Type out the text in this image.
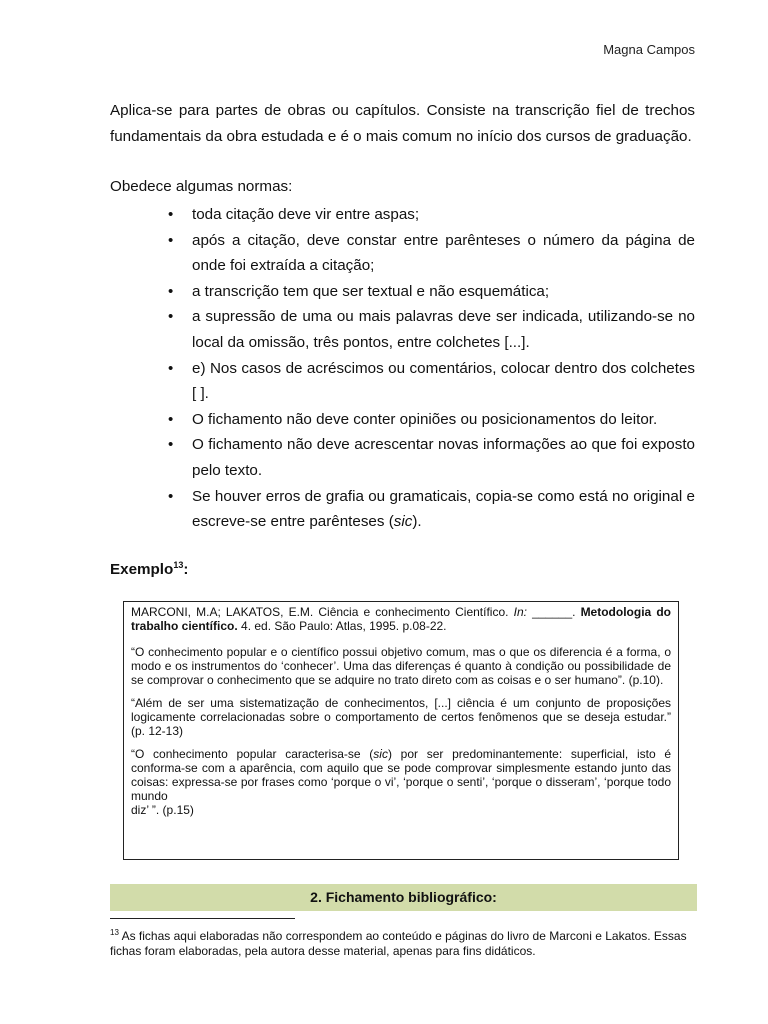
Magna Campos
Aplica-se para partes de obras ou capítulos. Consiste na transcrição fiel de trechos fundamentais da obra estudada e é o mais comum no início dos cursos de graduação.
Obedece algumas normas:
• toda citação deve vir entre aspas;
• após a citação, deve constar entre parênteses o número da página de onde foi extraída a citação;
• a transcrição tem que ser textual e não esquemática;
• a supressão de uma ou mais palavras deve ser indicada, utilizando-se no local da omissão, três pontos, entre colchetes [...].
• e) Nos casos de acréscimos ou comentários, colocar dentro dos colchetes [ ].
• O fichamento não deve conter opiniões ou posicionamentos do leitor.
• O fichamento não deve acrescentar novas informações ao que foi exposto pelo texto.
• Se houver erros de grafia ou gramaticais, copia-se como está no original e escreve-se entre parênteses (sic).
Exemplo$^{13}$:

MARCONI, M.A; LAKATOS, E.M. Ciência e conhecimento Científico. In: ______. Metodologia do trabalho científico. 4. ed. São Paulo: Atlas, 1995. p.08-22.

“O conhecimento popular e o científico possui objetivo comum, mas o que os diferencia é a forma, o modo e os instrumentos do ‘conhecer’. Uma das diferenças é quanto à condição ou possibilidade de se comprovar o conhecimento que se adquire no trato direto com as coisas e o ser humano”. (p.10).

“Além de ser uma sistematização de conhecimentos, [...] ciência é um conjunto de proposições logicamente correlacionadas sobre o comportamento de certos fenômenos que se deseja estudar.” (p. 12-13)

“O conhecimento popular caracterisa-se (sic) por ser predominantemente: superficial, isto é conforma-se com a aparência, com aquilo que se pode comprovar simplesmente estando junto das coisas: expressa-se por frases como ‘porque o vi’, ‘porque o senti’, ‘porque o disseram’, ‘porque todo mundo
diz’ ”. (p.15)

2. Fichamento bibliográfico:
$^{13}$ As fichas aqui elaboradas não correspondem ao conteúdo e páginas do livro de Marconi e Lakatos. Essas fichas foram elaboradas, pela autora desse material, apenas para fins didáticos.
